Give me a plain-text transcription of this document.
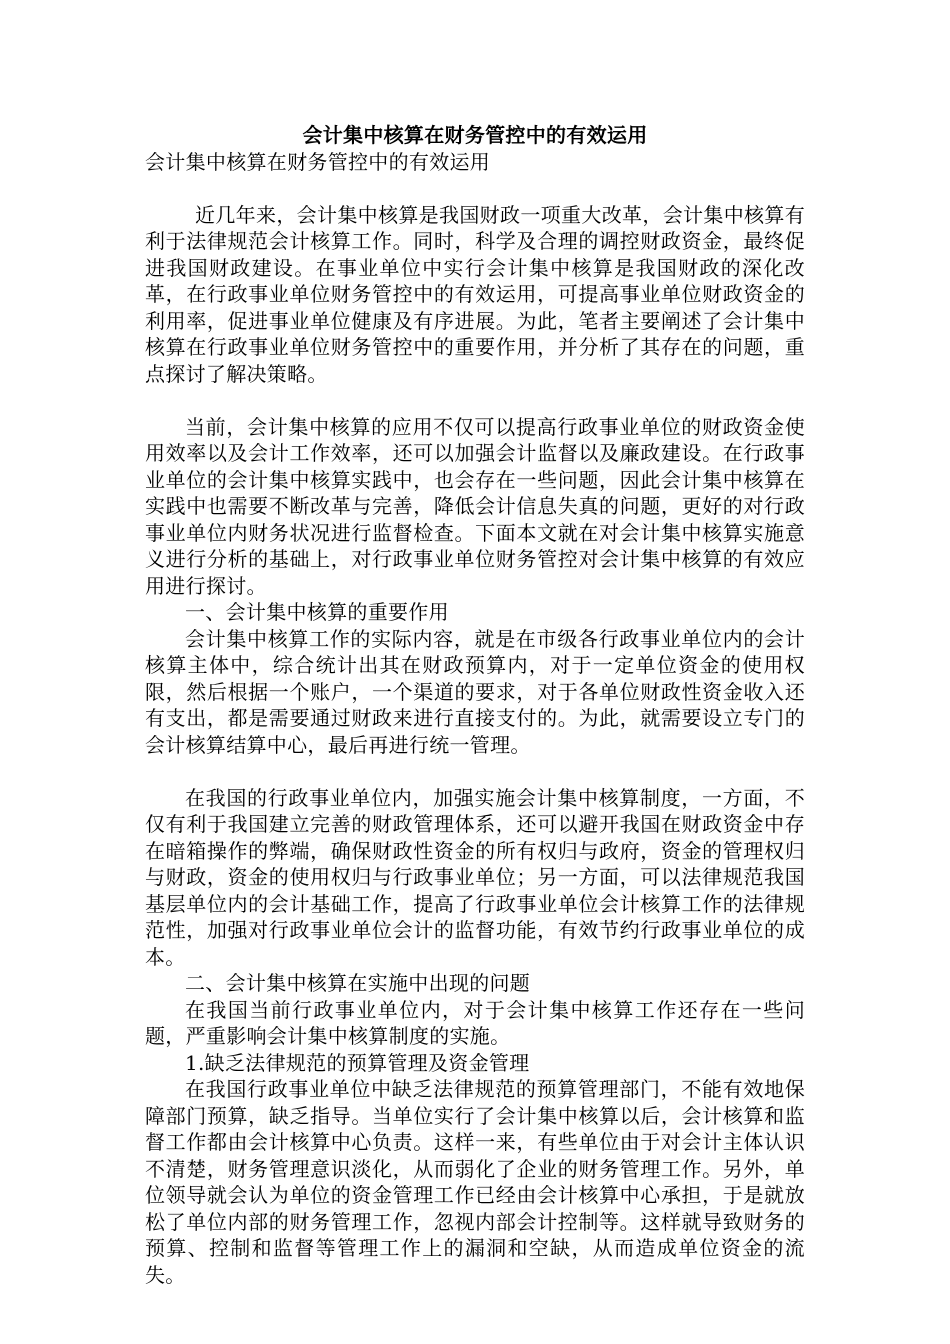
会计集中核算在财务管控中的有效运用

会计集中核算在财务管控中的有效运用

近几年来，会计集中核算是我国财政一项重大改革，会计集中核算有利于法律规范会计核算工作。同时，科学及合理的调控财政资金，最终促进我国财政建设。在事业单位中实行会计集中核算是我国财政的深化改革，在行政事业单位财务管控中的有效运用，可提高事业单位财政资金的利用率，促进事业单位健康及有序进展。为此，笔者主要阐述了会计集中核算在行政事业单位财务管控中的重要作用，并分析了其存在的问题，重点探讨了解决策略。

当前，会计集中核算的应用不仅可以提高行政事业单位的财政资金使用效率以及会计工作效率，还可以加强会计监督以及廉政建设。在行政事业单位的会计集中核算实践中，也会存在一些问题，因此会计集中核算在实践中也需要不断改革与完善，降低会计信息失真的问题，更好的对行政事业单位内财务状况进行监督检查。下面本文就在对会计集中核算实施意义进行分析的基础上，对行政事业单位财务管控对会计集中核算的有效应用进行探讨。

一、会计集中核算的重要作用

会计集中核算工作的实际内容，就是在市级各行政事业单位内的会计核算主体中，综合统计出其在财政预算内，对于一定单位资金的使用权限，然后根据一个账户，一个渠道的要求，对于各单位财政性资金收入还有支出，都是需要通过财政来进行直接支付的。为此，就需要设立专门的会计核算结算中心，最后再进行统一管理。

在我国的行政事业单位内，加强实施会计集中核算制度，一方面，不仅有利于我国建立完善的财政管理体系，还可以避开我国在财政资金中存在暗箱操作的弊端，确保财政性资金的所有权归与政府，资金的管理权归与财政，资金的使用权归与行政事业单位；另一方面，可以法律规范我国基层单位内的会计基础工作，提高了行政事业单位会计核算工作的法律规范性，加强对行政事业单位会计的监督功能，有效节约行政事业单位的成本。

二、会计集中核算在实施中出现的问题

在我国当前行政事业单位内，对于会计集中核算工作还存在一些问题，严重影响会计集中核算制度的实施。

1.缺乏法律规范的预算管理及资金管理

在我国行政事业单位中缺乏法律规范的预算管理部门，不能有效地保障部门预算，缺乏指导。当单位实行了会计集中核算以后，会计核算和监督工作都由会计核算中心负责。这样一来，有些单位由于对会计主体认识不清楚，财务管理意识淡化，从而弱化了企业的财务管理工作。另外，单位领导就会认为单位的资金管理工作已经由会计核算中心承担，于是就放松了单位内部的财务管理工作，忽视内部会计控制等。这样就导致财务的预算、控制和监督等管理工作上的漏洞和空缺，从而造成单位资金的流失。
